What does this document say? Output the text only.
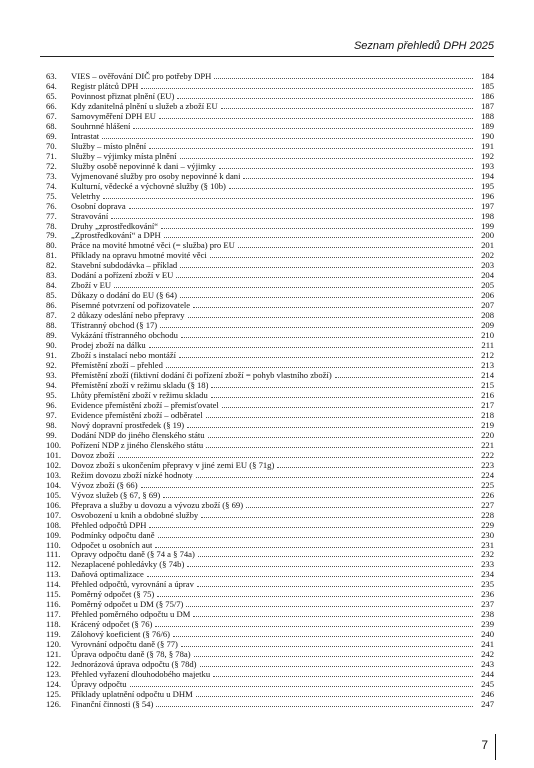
Seznam přehledů DPH 2025
63.	VIES – ověřování DIČ pro potřeby DPH	184
64.	Registr plátců DPH	185
65.	Povinnost přiznat plnění (EU)	186
66.	Kdy zdanitelná plnění u služeb a zboží EU	187
67.	Samovyměření DPH EU	188
68.	Souhrnné hlášení	189
69.	Intrastat	190
70.	Služby – místo plnění	191
71.	Služby – výjimky místa plnění	192
72.	Služby osobě nepovinné k dani – výjimky	193
73.	Vyjmenované služby pro osoby nepovinné k dani	194
74.	Kulturní, vědecké a výchovné služby (§ 10b)	195
75.	Veletrhy	196
76.	Osobní doprava	197
77.	Stravování	198
78.	Druhy „zprostředkování“	199
79.	„Zprostředkování“ a DPH	200
80.	Práce na movité hmotné věci (= služba) pro EU	201
81.	Příklady na opravu hmotné movité věci	202
82.	Stavební subdodávka – příklad	203
83.	Dodání a pořízení zboží v EU	204
84.	Zboží v EU	205
85.	Důkazy o dodání do EU (§ 64)	206
86.	Písemné potvrzení od pořizovatele	207
87.	2 důkazy odeslání nebo přepravy	208
88.	Třístranný obchod (§ 17)	209
89.	Vykázání třístranného obchodu	210
90.	Prodej zboží na dálku	211
91.	Zboží s instalací nebo montáží	212
92.	Přemístění zboží – přehled	213
93.	Přemístění zboží (fiktivní dodání či pořízení zboží = pohyb vlastního zboží)	214
94.	Přemístění zboží v režimu skladu (§ 18)	215
95.	Lhůty přemístění zboží v režimu skladu	216
96.	Evidence přemístění zboží – přemisťovatel	217
97.	Evidence přemístění zboží – odběratel	218
98.	Nový dopravní prostředek (§ 19)	219
99.	Dodání NDP do jiného členského státu	220
100.	Pořízení NDP z jiného členského státu	221
101.	Dovoz zboží	222
102.	Dovoz zboží s ukončením přepravy v jiné zemi EU (§ 71g)	223
103.	Režim dovozu zboží nízké hodnoty	224
104.	Vývoz zboží (§ 66)	225
105.	Vývoz služeb (§ 67, § 69)	226
106.	Přeprava a služby u dovozu a vývozu zboží (§ 69)	227
107.	Osvobození u knih a obdobné služby	228
108.	Přehled odpočtů DPH	229
109.	Podmínky odpočtu daně	230
110.	Odpočet u osobních aut	231
111.	Opravy odpočtu daně (§ 74 a § 74a)	232
112.	Nezaplacené pohledávky (§ 74b)	233
113.	Daňová optimalizace	234
114.	Přehled odpočtů, vyrovnání a úprav	235
115.	Poměrný odpočet (§ 75)	236
116.	Poměrný odpočet u DM (§ 75/7)	237
117.	Přehled poměrného odpočtu u DM	238
118.	Krácený odpočet (§ 76)	239
119.	Zálohový koeficient (§ 76/6)	240
120.	Vyrovnání odpočtu daně (§ 77)	241
121.	Úprava odpočtu daně (§ 78, § 78a)	242
122.	Jednorázová úprava odpočtu (§ 78d)	243
123.	Přehled vyřazení dlouhodobého majetku	244
124.	Úpravy odpočtu	245
125.	Příklady uplatnění odpočtu u DHM	246
126.	Finanční činnosti (§ 54)	247
7
